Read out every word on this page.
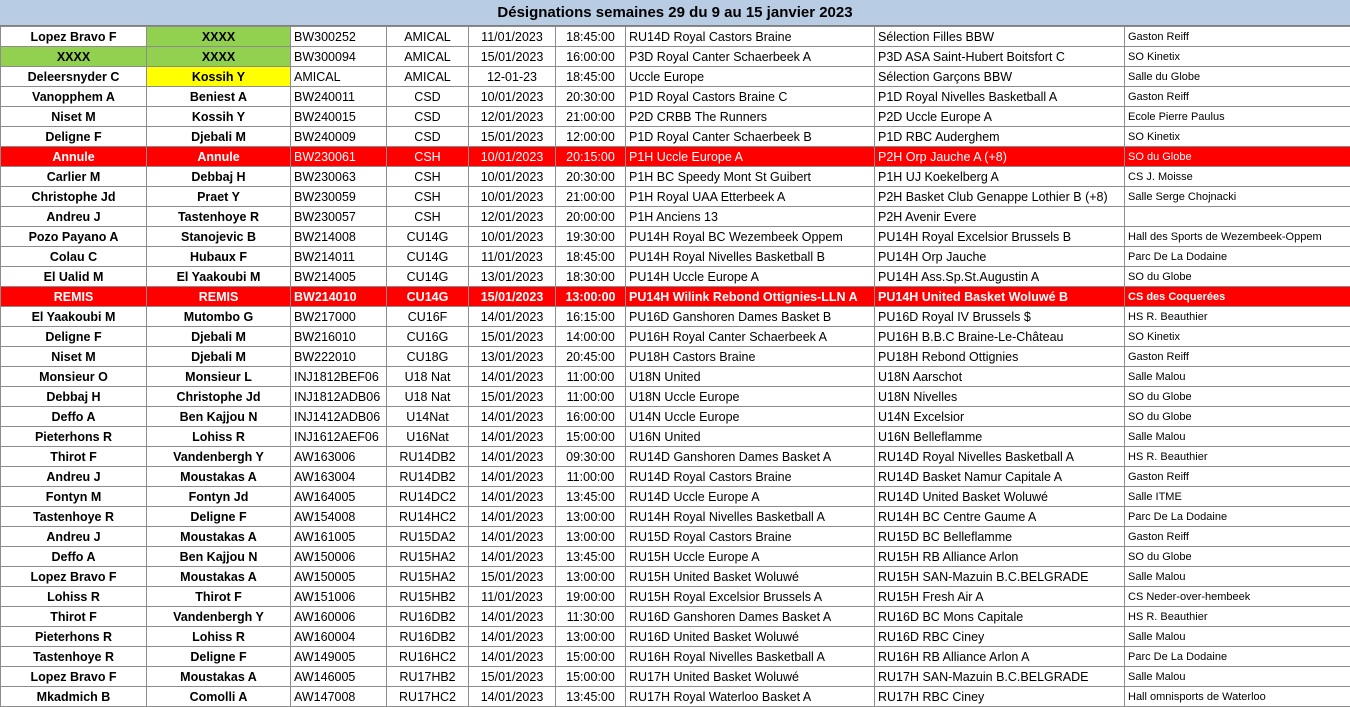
Désignations semaines 29 du 9 au 15 janvier 2023
Lopez Bravo F	XXXX	BW300252	AMICAL	11/01/2023	18:45:00	RU14D Royal Castors Braine	Sélection Filles BBW	Gaston Reiff
XXXX	XXXX	BW300094	AMICAL	15/01/2023	16:00:00	P3D Royal Canter Schaerbeek A	P3D ASA Saint-Hubert Boitsfort C	SO Kinetix
Deleersnyder C	Kossih Y	AMICAL	AMICAL	12-01-23	18:45:00	Uccle Europe	Sélection Garçons BBW	Salle du Globe
Vanopphem A	Beniest A	BW240011	CSD	10/01/2023	20:30:00	P1D Royal Castors Braine C	P1D Royal Nivelles Basketball A	Gaston Reiff
Niset M	Kossih Y	BW240015	CSD	12/01/2023	21:00:00	P2D CRBB The Runners	P2D Uccle Europe A	Ecole Pierre Paulus
Deligne F	Djebali M	BW240009	CSD	15/01/2023	12:00:00	P1D Royal Canter Schaerbeek B	P1D RBC Auderghem	SO Kinetix
Annule	Annule	BW230061	CSH	10/01/2023	20:15:00	P1H Uccle Europe A	P2H Orp Jauche A (+8)	SO du Globe
Carlier M	Debbaj H	BW230063	CSH	10/01/2023	20:30:00	P1H BC Speedy Mont St Guibert	P1H UJ Koekelberg A	CS J. Moisse
Christophe Jd	Praet Y	BW230059	CSH	10/01/2023	21:00:00	P1H Royal UAA Etterbeek A	P2H Basket Club Genappe Lothier B (+8)	Salle Serge Chojnacki
Andreu J	Tastenhoye R	BW230057	CSH	12/01/2023	20:00:00	P1H Anciens 13	P2H Avenir Evere	
Pozo Payano A	Stanojevic B	BW214008	CU14G	10/01/2023	19:30:00	PU14H Royal BC Wezembeek Oppem	PU14H Royal Excelsior Brussels B	Hall des Sports de Wezembeek-Oppem
Colau C	Hubaux F	BW214011	CU14G	11/01/2023	18:45:00	PU14H Royal Nivelles Basketball B	PU14H Orp Jauche	Parc De La Dodaine
El Ualid M	El Yaakoubi M	BW214005	CU14G	13/01/2023	18:30:00	PU14H Uccle Europe A	PU14H Ass.Sp.St.Augustin A	SO du Globe
REMIS	REMIS	BW214010	CU14G	15/01/2023	13:00:00	PU14H Wilink Rebond Ottignies-LLN A	PU14H United Basket Woluwé B	CS des Coquerées
El Yaakoubi M	Mutombo G	BW217000	CU16F	14/01/2023	16:15:00	PU16D Ganshoren Dames Basket B	PU16D Royal IV Brussels $	HS R. Beauthier
Deligne F	Djebali M	BW216010	CU16G	15/01/2023	14:00:00	PU16H Royal Canter Schaerbeek A	PU16H B.B.C Braine-Le-Château	SO Kinetix
Niset M	Djebali M	BW222010	CU18G	13/01/2023	20:45:00	PU18H Castors Braine	PU18H Rebond Ottignies	Gaston Reiff
Monsieur O	Monsieur L	INJ1812BEF06	U18 Nat	14/01/2023	11:00:00	U18N United	U18N Aarschot	Salle Malou
Debbaj H	Christophe Jd	INJ1812ADB06	U18 Nat	15/01/2023	11:00:00	U18N Uccle Europe	U18N Nivelles	SO du Globe
Deffo A	Ben Kajjou N	INJ1412ADB06	U14Nat	14/01/2023	16:00:00	U14N Uccle Europe	U14N Excelsior	SO du Globe
Pieterhons R	Lohiss R	INJ1612AEF06	U16Nat	14/01/2023	15:00:00	U16N United	U16N Belleflamme	Salle Malou
Thirot F	Vandenbergh Y	AW163006	RU14DB2	14/01/2023	09:30:00	RU14D Ganshoren Dames Basket A	RU14D Royal Nivelles Basketball A	HS R. Beauthier
Andreu J	Moustakas A	AW163004	RU14DB2	14/01/2023	11:00:00	RU14D Royal Castors Braine	RU14D Basket Namur Capitale A	Gaston Reiff
Fontyn M	Fontyn Jd	AW164005	RU14DC2	14/01/2023	13:45:00	RU14D Uccle Europe A	RU14D United Basket Woluwé	Salle ITME
Tastenhoye R	Deligne F	AW154008	RU14HC2	14/01/2023	13:00:00	RU14H Royal Nivelles Basketball A	RU14H BC Centre Gaume A	Parc De La Dodaine
Andreu J	Moustakas A	AW161005	RU15DA2	14/01/2023	13:00:00	RU15D Royal Castors Braine	RU15D BC Belleflamme	Gaston Reiff
Deffo A	Ben Kajjou N	AW150006	RU15HA2	14/01/2023	13:45:00	RU15H Uccle Europe A	RU15H RB Alliance Arlon	SO du Globe
Lopez Bravo F	Moustakas A	AW150005	RU15HA2	15/01/2023	13:00:00	RU15H United Basket Woluwé	RU15H SAN-Mazuin B.C.BELGRADE	Salle Malou
Lohiss R	Thirot F	AW151006	RU15HB2	11/01/2023	19:00:00	RU15H Royal Excelsior Brussels A	RU15H Fresh Air A	CS Neder-over-hembeek
Thirot F	Vandenbergh Y	AW160006	RU16DB2	14/01/2023	11:30:00	RU16D Ganshoren Dames Basket A	RU16D BC Mons Capitale	HS R. Beauthier
Pieterhons R	Lohiss R	AW160004	RU16DB2	14/01/2023	13:00:00	RU16D United Basket Woluwé	RU16D RBC Ciney	Salle Malou
Tastenhoye R	Deligne F	AW149005	RU16HC2	14/01/2023	15:00:00	RU16H Royal Nivelles Basketball A	RU16H RB Alliance Arlon A	Parc De La Dodaine
Lopez Bravo F	Moustakas A	AW146005	RU17HB2	15/01/2023	15:00:00	RU17H United Basket Woluwé	RU17H SAN-Mazuin B.C.BELGRADE	Salle Malou
Mkadmich B	Comolli A	AW147008	RU17HC2	14/01/2023	13:45:00	RU17H Royal Waterloo Basket A	RU17H RBC Ciney	Hall omnisports de Waterloo
